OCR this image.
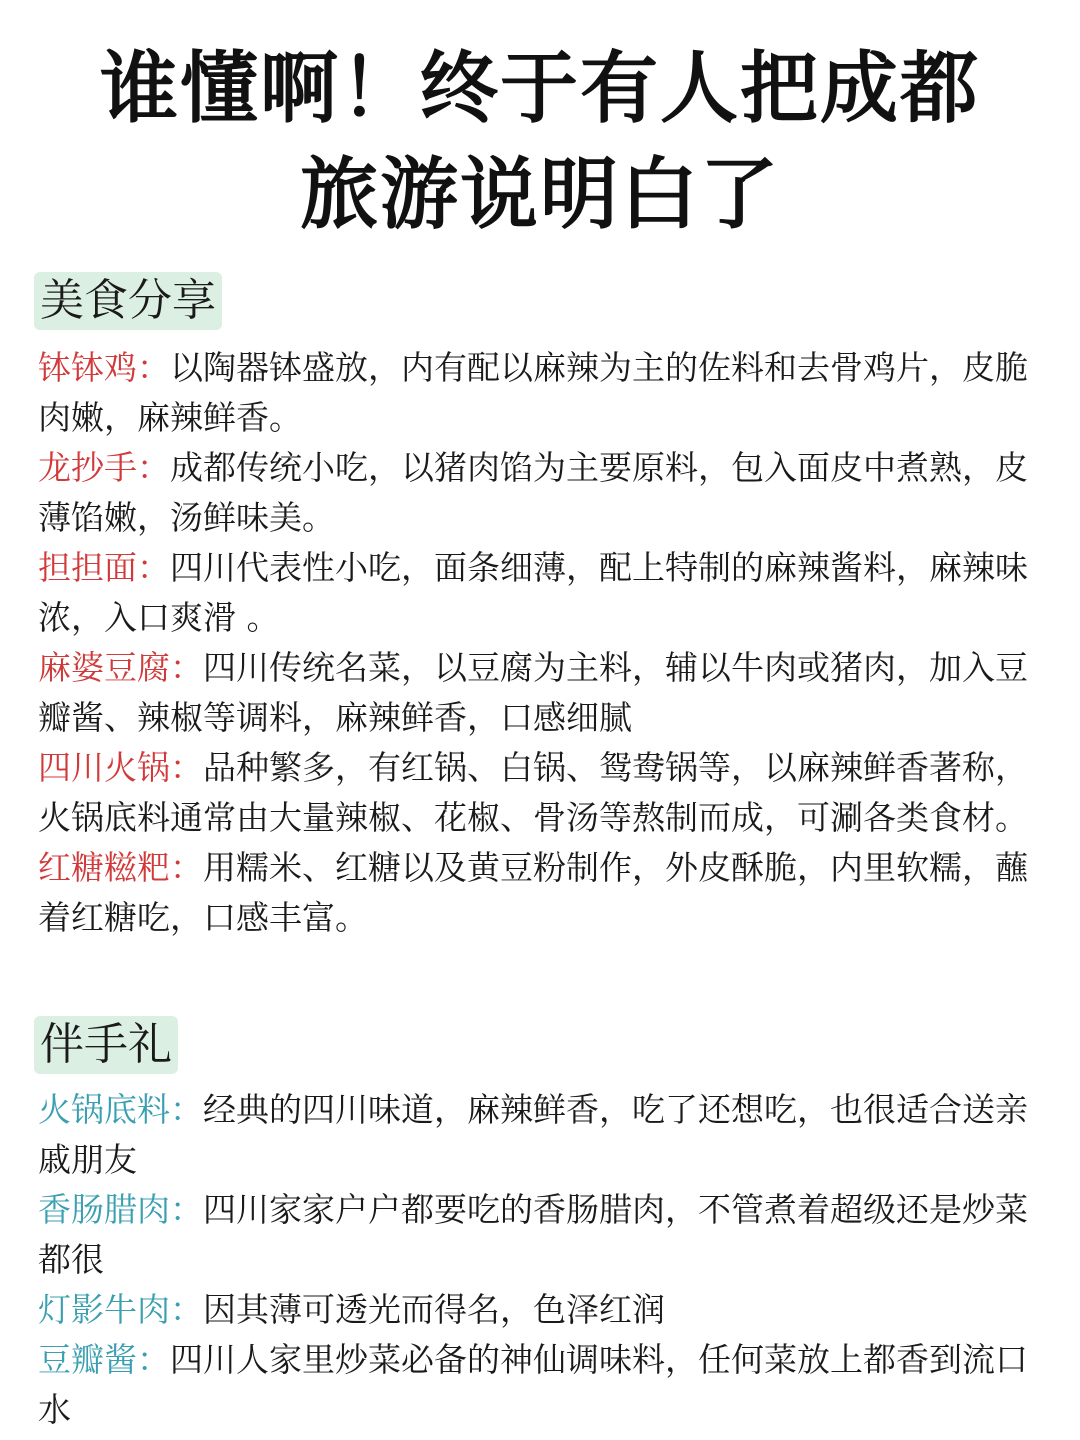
谁懂啊！终于有人把成都
旅游说明白了
美食分享

钵钵鸡：以陶器钵盛放，内有配以麻辣为主的佐料和去骨鸡片，皮脆肉嫩，麻辣鲜香。

龙抄手：成都传统小吃，以猪肉馅为主要原料，包入面皮中煮熟，皮薄馅嫩，汤鲜味美。

担担面：四川代表性小吃，面条细薄，配上特制的麻辣酱料，麻辣味浓，入口爽滑 。

麻婆豆腐：四川传统名菜，以豆腐为主料，辅以牛肉或猪肉，加入豆瓣酱、辣椒等调料，麻辣鲜香，口感细腻

四川火锅：品种繁多，有红锅、白锅、鸳鸯锅等，以麻辣鲜香著称，火锅底料通常由大量辣椒、花椒、骨汤等熬制而成，可涮各类食材。

红糖糍粑：用糯米、红糖以及黄豆粉制作，外皮酥脆，内里软糯，蘸着红糖吃，口感丰富。

伴手礼

火锅底料：经典的四川味道，麻辣鲜香，吃了还想吃，也很适合送亲戚朋友

香肠腊肉：四川家家户户都要吃的香肠腊肉，不管煮着超级还是炒菜都很

灯影牛肉：因其薄可透光而得名，色泽红润

豆瓣酱：四川人家里炒菜必备的神仙调味料，任何菜放上都香到流口水
